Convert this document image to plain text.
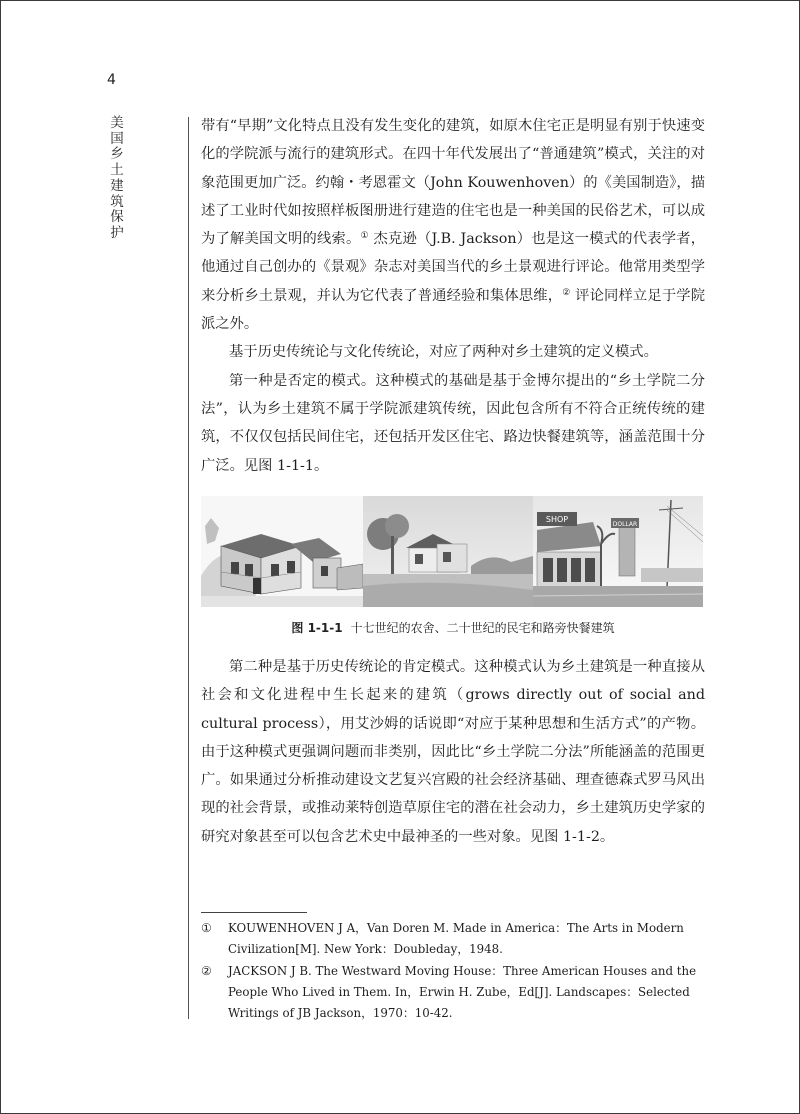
4
美国乡土建筑保护

带有“早期”文化特点且没有发生变化的建筑，如原木住宅正是明显有别于快速变化的学院派与流行的建筑形式。在四十年代发展出了“普通建筑”模式，关注的对象范围更加广泛。约翰・考恩霍文（John Kouwenhoven）的《美国制造》，描述了工业时代如按照样板图册进行建造的住宅也是一种美国的民俗艺术，可以成为了解美国文明的线索。① 杰克逊（J.B. Jackson）也是这一模式的代表学者，他通过自己创办的《景观》杂志对美国当代的乡土景观进行评论。他常用类型学来分析乡土景观，并认为它代表了普通经验和集体思维，② 评论同样立足于学院派之外。

基于历史传统论与文化传统论，对应了两种对乡土建筑的定义模式。

第一种是否定的模式。这种模式的基础是基于金博尔提出的“乡土学院二分法”，认为乡土建筑不属于学院派建筑传统，因此包含所有不符合正统传统的建筑，不仅仅包括民间住宅，还包括开发区住宅、路边快餐建筑等，涵盖范围十分广泛。见图 1-1-1。

SHOP
DOLLAR
图 1-1-1 十七世纪的农舍、二十世纪的民宅和路旁快餐建筑

第二种是基于历史传统论的肯定模式。这种模式认为乡土建筑是一种直接从社会和文化进程中生长起来的建筑（grows directly out of social and cultural process），用艾沙姆的话说即“对应于某种思想和生活方式”的产物。由于这种模式更强调问题而非类别，因此比“乡土学院二分法”所能涵盖的范围更广。如果通过分析推动建设文艺复兴宫殿的社会经济基础、理查德森式罗马风出现的社会背景，或推动莱特创造草原住宅的潜在社会动力，乡土建筑历史学家的研究对象甚至可以包含艺术史中最神圣的一些对象。见图 1-1-2。

① KOUWENHOVEN J A，Van Doren M. Made in America：The Arts in Modern Civilization[M]. New York：Doubleday，1948.

② JACKSON J B. The Westward Moving House：Three American Houses and the People Who Lived in Them. In，Erwin H. Zube，Ed[J]. Landscapes：Selected Writings of JB Jackson，1970：10-42.
